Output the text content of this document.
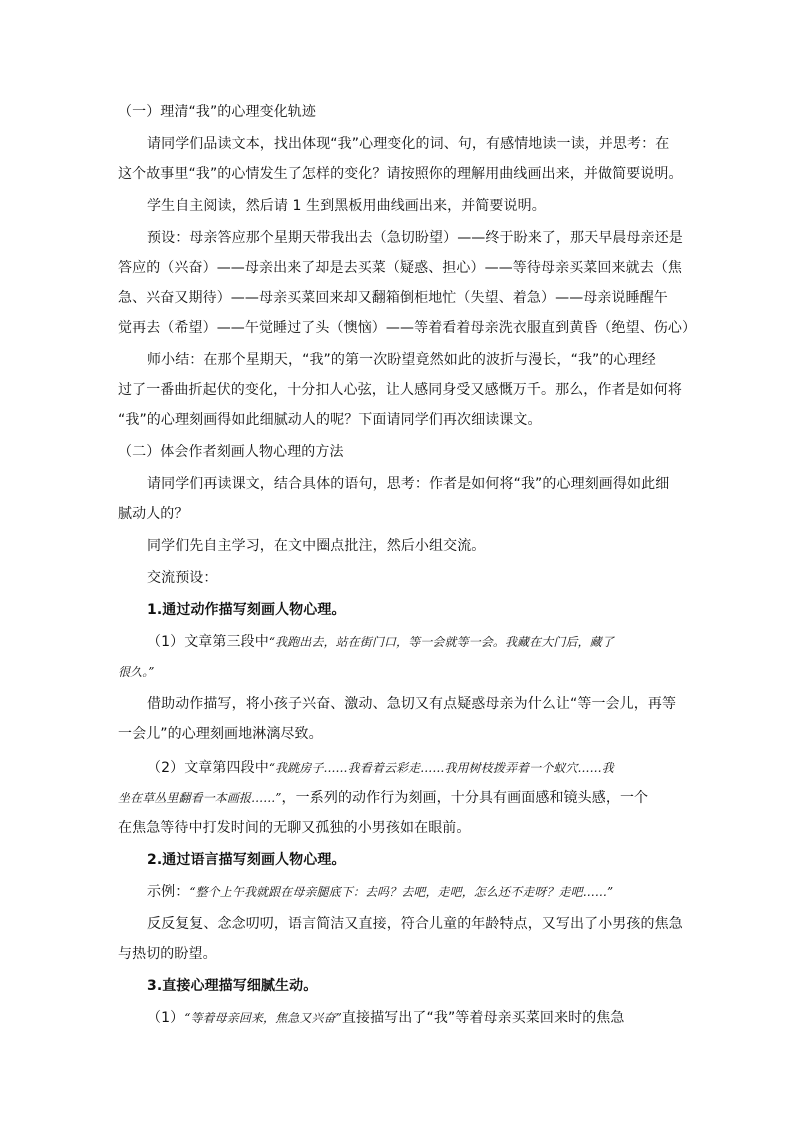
（一）理清“我”的心理变化轨迹
请同学们品读文本，找出体现“我”心理变化的词、句，有感情地读一读，并思考：在
这个故事里“我”的心情发生了怎样的变化？请按照你的理解用曲线画出来，并做简要说明。
学生自主阅读，然后请 1 生到黑板用曲线画出来，并简要说明。
预设：母亲答应那个星期天带我出去（急切盼望）——终于盼来了，那天早晨母亲还是
答应的（兴奋）——母亲出来了却是去买菜（疑惑、担心）——等待母亲买菜回来就去（焦
急、兴奋又期待）——母亲买菜回来却又翻箱倒柜地忙（失望、着急）——母亲说睡醒午
觉再去（希望）——午觉睡过了头（懊恼）——等着看着母亲洗衣服直到黄昏（绝望、伤心）
师小结：在那个星期天，“我”的第一次盼望竟然如此的波折与漫长，“我”的心理经
过了一番曲折起伏的变化，十分扣人心弦，让人感同身受又感慨万千。那么，作者是如何将
“我”的心理刻画得如此细腻动人的呢？下面请同学们再次细读课文。
（二）体会作者刻画人物心理的方法
请同学们再读课文，结合具体的语句，思考：作者是如何将“我”的心理刻画得如此细
腻动人的？
同学们先自主学习，在文中圈点批注，然后小组交流。
交流预设：
1.通过动作描写刻画人物心理。
（1）文章第三段中“我跑出去，站在街门口，等一会就等一会。我藏在大门后，藏了
很久。”
借助动作描写，将小孩子兴奋、激动、急切又有点疑惑母亲为什么让“等一会儿，再等
一会儿”的心理刻画地淋漓尽致。
（2）文章第四段中“我跳房子……我看着云彩走……我用树枝拨弄着一个蚁穴……我
坐在草丛里翻看一本画报……”，一系列的动作行为刻画，十分具有画面感和镜头感，一个
在焦急等待中打发时间的无聊又孤独的小男孩如在眼前。
2.通过语言描写刻画人物心理。
示例：“整个上午我就跟在母亲腿底下：去吗？去吧，走吧，怎么还不走呀？走吧……”
反反复复、念念叨叨，语言简洁又直接，符合儿童的年龄特点，又写出了小男孩的焦急
与热切的盼望。
3.直接心理描写细腻生动。
（1）“等着母亲回来，焦急又兴奋”直接描写出了“我”等着母亲买菜回来时的焦急
